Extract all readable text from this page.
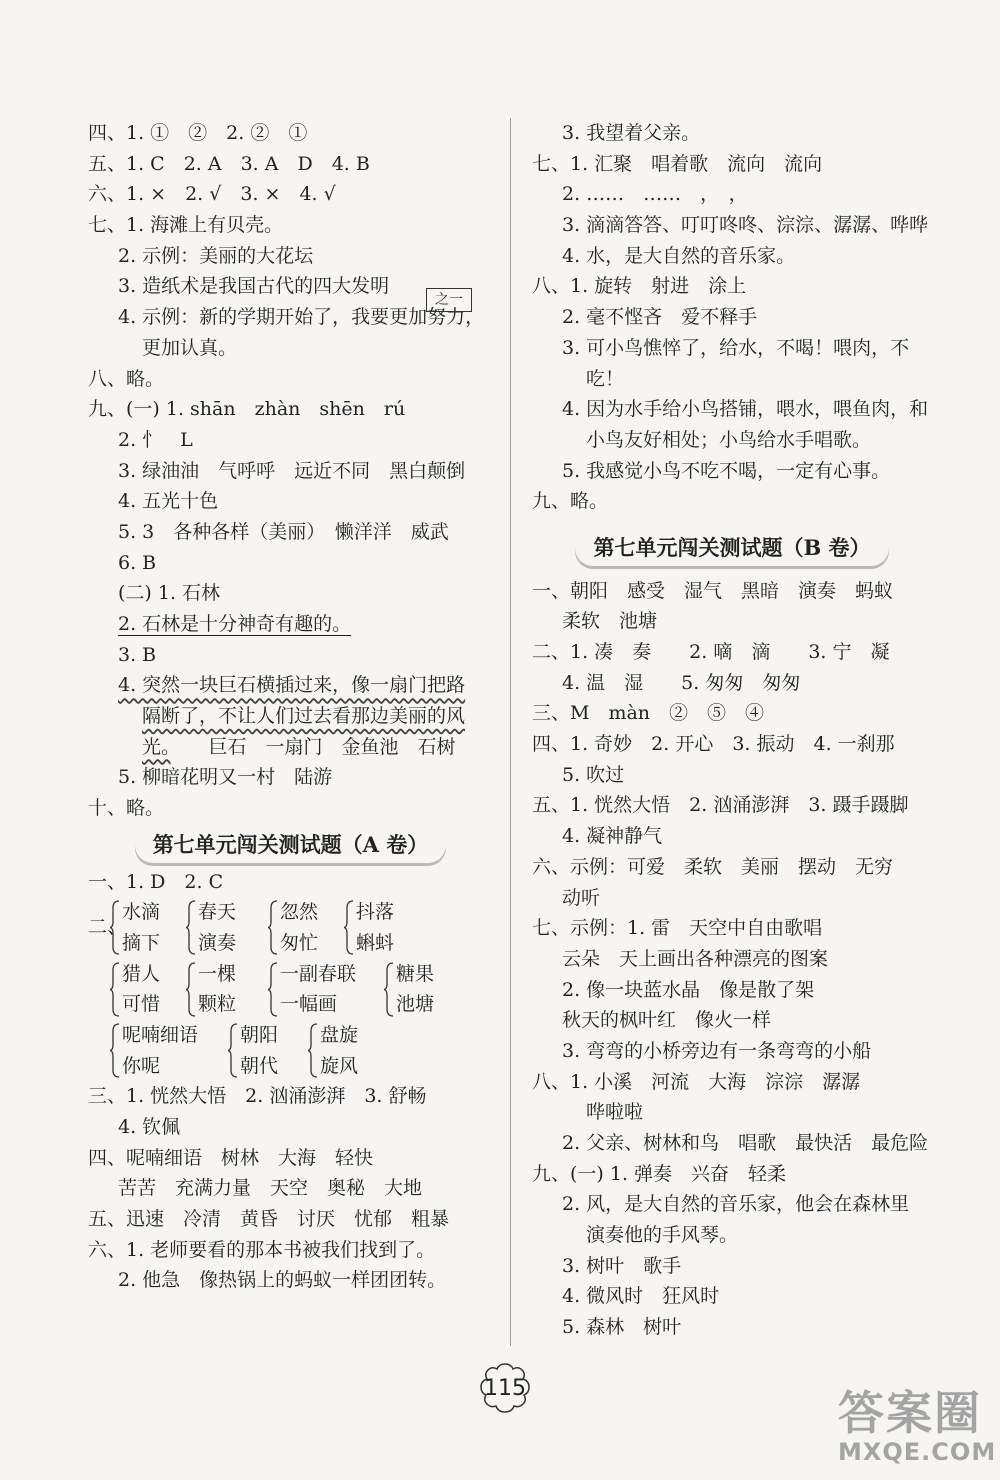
四、1. ①　②　2. ②　①
五、1. C　2. A　3. A　D　4. B
六、1. ×　2. √　3. ×　4. √
七、1. 海滩上有贝壳。
2. 示例：美丽的大花坛
3. 造纸术是我国古代的四大发明
4. 示例：新的学期开始了，我要更加努力，
更加认真。
八、略。
九、(一) 1. shān　zhàn　shēn　rú
2. 忄　L
3. 绿油油　气呼呼　远近不同　黑白颠倒
4. 五光十色
5. 3　各种各样（美丽）　懒洋洋　威武
6. B
(二) 1. 石林
2. 石林是十分神奇有趣的。
3. B
4. 突然一块巨石横插过来，像一扇门把路
隔断了，不让人们过去看那边美丽的风
光。　　 巨石　一扇门　金鱼池　石树
5. 柳暗花明又一村　陆游
十、略。
第七单元闯关测试题（A 卷）
一、1. D　2. C
二、
水滴
摘下
春天
演奏
忽然
匆忙
抖落
蝌蚪
猎人
可惜
一棵
颗粒
一副春联
一幅画
糖果
池塘
呢喃细语
你呢
朝阳
朝代
盘旋
旋风
三、1. 恍然大悟　2. 汹涌澎湃　3. 舒畅
4. 钦佩
四、呢喃细语　树林　大海　轻快
苦苦　充满力量　天空　奥秘　大地
五、迅速　冷清　黄昏　讨厌　忧郁　粗暴
六、1. 老师要看的那本书被我们找到了。
2. 他急　像热锅上的蚂蚁一样团团转。
之一
3. 我望着父亲。
七、1. 汇聚　唱着歌　流向　流向
2. ……　……　，　，
3. 滴滴答答、叮叮咚咚、淙淙、潺潺、哗哗
4. 水，是大自然的音乐家。
八、1. 旋转　射进　涂上
2. 毫不悭吝　爱不释手
3. 可小鸟憔悴了，给水，不喝！喂肉，不
吃！
4. 因为水手给小鸟搭铺，喂水，喂鱼肉，和
小鸟友好相处；小鸟给水手唱歌。
5. 我感觉小鸟不吃不喝，一定有心事。
九、略。
第七单元闯关测试题（B 卷）
一、朝阳　感受　湿气　黑暗　演奏　蚂蚁
柔软　池塘
二、1. 凑　奏　　2. 嘀　滴　　3. 宁　凝
4. 温　湿　　5. 匆匆　匆匆
三、M　màn　②　⑤　④
四、1. 奇妙　2. 开心　3. 振动　4. 一刹那
5. 吹过
五、1. 恍然大悟　2. 汹涌澎湃　3. 蹑手蹑脚
4. 凝神静气
六、示例：可爱　柔软　美丽　摆动　无穷
动听
七、示例：1. 雷　天空中自由歌唱
云朵　天上画出各种漂亮的图案
2. 像一块蓝水晶　像是散了架
秋天的枫叶红　像火一样
3. 弯弯的小桥旁边有一条弯弯的小船
八、1. 小溪　河流　大海　淙淙　潺潺
哗啦啦
2. 父亲、树林和鸟　唱歌　最快活　最危险
九、(一) 1. 弹奏　兴奋　轻柔
2. 风，是大自然的音乐家，他会在森林里
演奏他的手风琴。
3. 树叶　歌手
4. 微风时　狂风时
5. 森林　树叶
115	答案圈
MXQE.COM
